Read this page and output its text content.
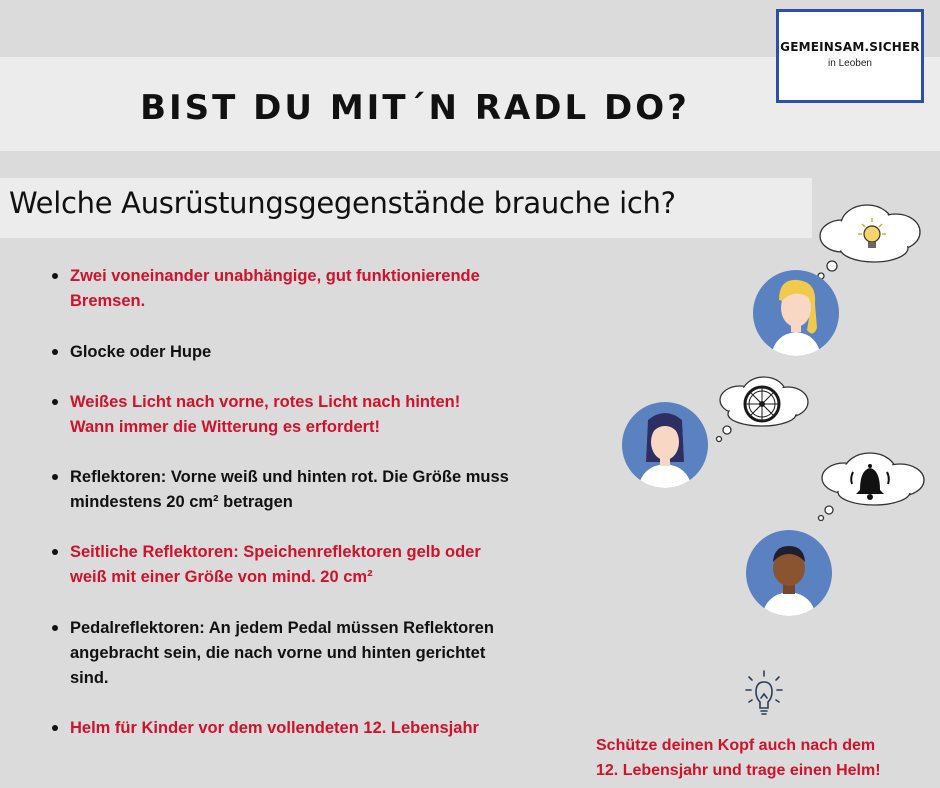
BIST DU MIT´N RADL DO?
GEMEINSAM.SICHER
in Leoben
Welche Ausrüstungsgegenstände brauche ich?
Zwei voneinander unabhängige, gut funktionierende
Bremsen.
Glocke oder Hupe
Weißes Licht nach vorne, rotes Licht nach hinten!
Wann immer die Witterung es erfordert!
Reflektoren: Vorne weiß und hinten rot. Die Größe muss
mindestens 20 cm² betragen
Seitliche Reflektoren: Speichenreflektoren gelb oder
weiß mit einer Größe von mind. 20 cm²
Pedalreflektoren: An jedem Pedal müssen Reflektoren
angebracht sein, die nach vorne und hinten gerichtet
sind.
Helm für Kinder vor dem vollendeten 12. Lebensjahr
Schütze deinen Kopf auch nach dem
12. Lebensjahr und trage einen Helm!
